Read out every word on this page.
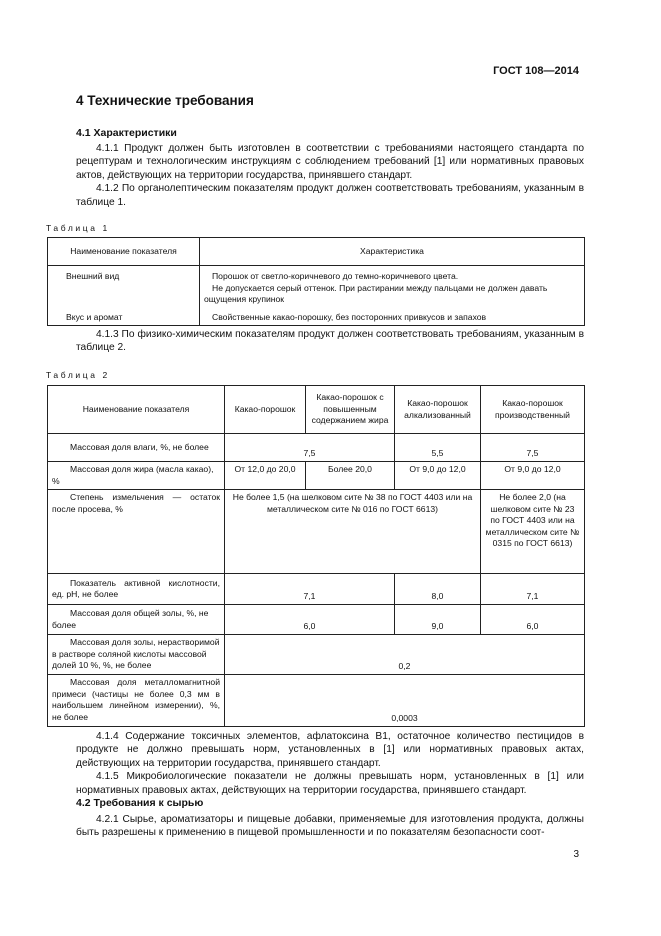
ГОСТ 108—2014
4 Технические требования
4.1 Характеристики

4.1.1 Продукт должен быть изготовлен в соответствии с требованиями настоящего стандарта по рецептурам и технологическим инструкциям с соблюдением требований [1] или нормативных правовых актов, действующих на территории государства, принявшего стандарт.

4.1.2 По органолептическим показателям продукт должен соответствовать требованиям, указанным в таблице 1.

Таблица 1
Наименование показателя	Характеристика
Внешний вид	Порошок от светло-коричневого до темно-коричневого цвета.
Не допускается серый оттенок. При растирании между пальцами не должен давать ощущения крупинок

Вкус и аромат	Свойственные какао-порошку, без посторонних привкусов и запахов

4.1.3 По физико-химическим показателям продукт должен соответствовать требованиям, указанным в таблице 2.

Таблица 2
Наименование показателя	Какао-порошок	Какао-порошок с повышенным содержанием жира	Какао-порошок алкализованный	Какао-порошок производственный
Массовая доля влаги, %, не более	7,5		5,5	7,5
Массовая доля жира (масла какао), %	От 12,0 до 20,0	Более 20,0	От 9,0 до 12,0	От 9,0 до 12,0
Степень измельчения — остаток после просева, %	Не более 1,5 (на шелковом сите № 38 по ГОСТ 4403 или на металлическом сите № 016 по ГОСТ 6613)			Не более 2,0 (на шелковом сите № 23 по ГОСТ 4403 или на металлическом сите № 0315 по ГОСТ 6613)
Показатель активной кислотности, ед. рН, не более	7,1		8,0	7,1
Массовая доля общей золы, %, не более	6,0		9,0	6,0
Массовая доля золы, нерастворимой в растворе соляной кислоты массовой долей 10 %, %, не более	0,2			
Массовая доля металломагнитной примеси (частицы не более 0,3 мм в наибольшем линейном измерении), %, не более	0,0003			

4.1.4 Содержание токсичных элементов, афлатоксина B1, остаточное количество пестицидов в продукте не должно превышать норм, установленных в [1] или нормативных правовых актах, действующих на территории государства, принявшего стандарт.

4.1.5 Микробиологические показатели не должны превышать норм, установленных в [1] или нормативных правовых актах, действующих на территории государства, принявшего стандарт.

4.2 Требования к сырью

4.2.1 Сырье, ароматизаторы и пищевые добавки, применяемые для изготовления продукта, должны быть разрешены к применению в пищевой промышленности и по показателям безопасности соот-

3
